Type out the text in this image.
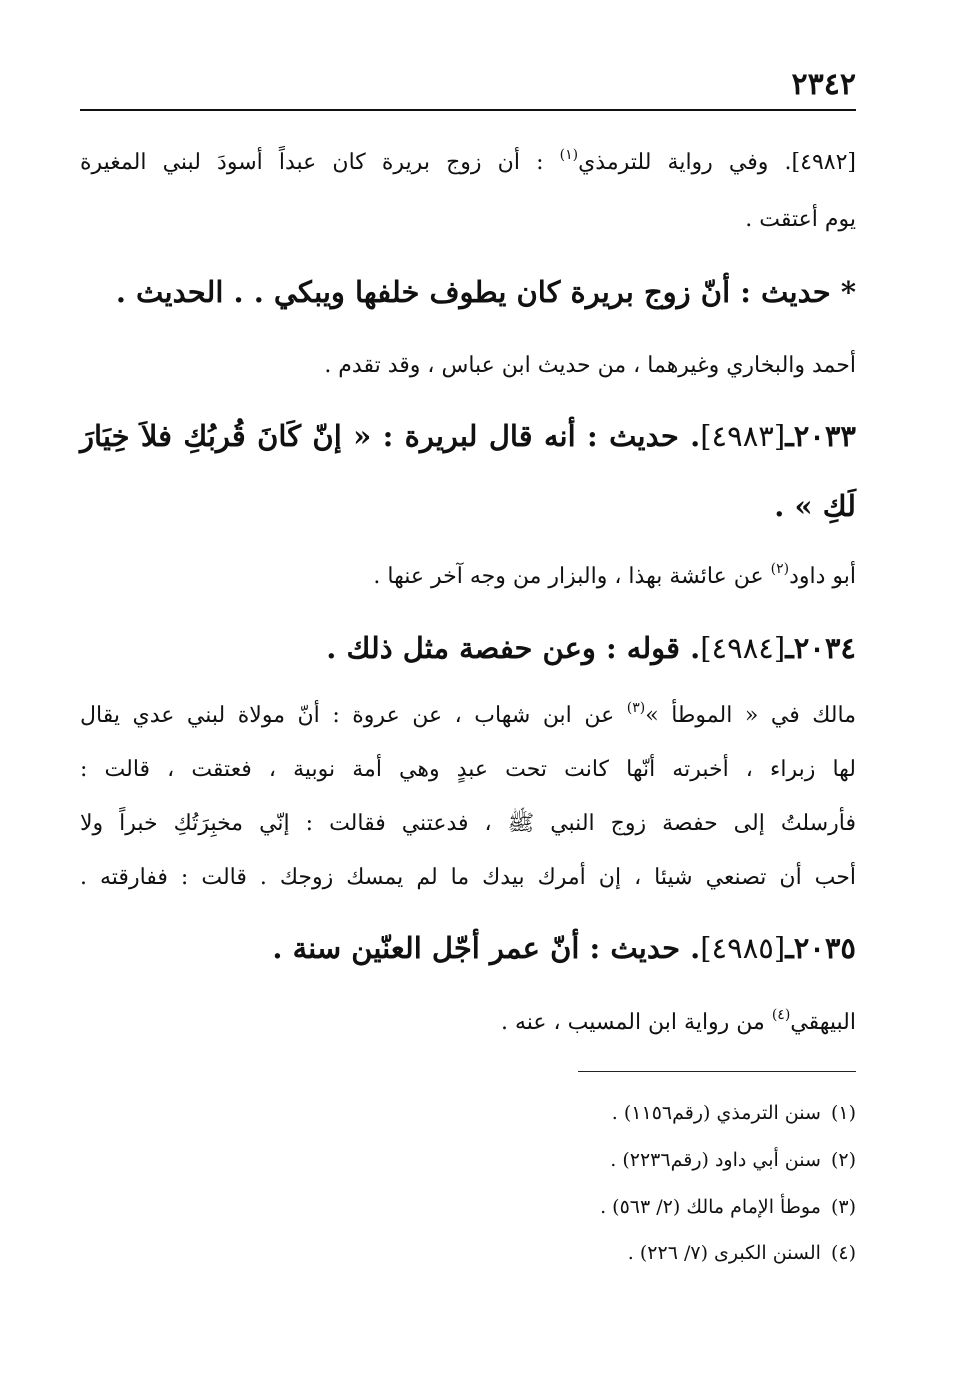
٢٣٤٢
[٤٩٨٢]. وفي رواية للترمذي$^{(١)}$ : أن زوج بريرة كان عبداً أسودَ لبني المغيرة
يوم أعتقت .
* حديث : أنّ زوج بريرة كان يطوف خلفها ويبكي . . الحديث .
أحمد والبخاري وغيرهما ، من حديث ابن عباس ، وقد تقدم .
٢٠٣٣ـ[٤٩٨٣]. حديث : أنه قال لبريرة : « إنّ كَانَ قُربُكِ فلاَ خِيَارَ
لَكِ » .
أبو داود$^{(٢)}$ عن عائشة بهذا ، والبزار من وجه آخر عنها .
٢٠٣٤ـ[٤٩٨٤]. قوله : وعن حفصة مثل ذلك .
مالك في « الموطأ »$^{(٣)}$ عن ابن شهاب ، عن عروة : أنّ مولاة لبني عدي يقال
لها زبراء ، أخبرته أنّها كانت تحت عبدٍ وهي أمة نوبية ، فعتقت ، قالت :
فأرسلتُ إلى حفصة زوج النبي ﷺ ، فدعتني فقالت : إنّي مخبِرَتُكِ خبراً ولا
أحب أن تصنعي شيئا ، إن أمرك بيدك ما لم يمسك زوجك . قالت : ففارقته .
٢٠٣٥ـ[٤٩٨٥]. حديث : أنّ عمر أجّل العنّين سنة .
البيهقي$^{(٤)}$ من رواية ابن المسيب ، عنه .
(١)سنن الترمذي (رقم١١٥٦) .
(٢)سنن أبي داود (رقم٢٢٣٦) .
(٣)موطأ الإمام مالك (٢/ ٥٦٣) .
(٤)السنن الكبرى (٧/ ٢٢٦) .
